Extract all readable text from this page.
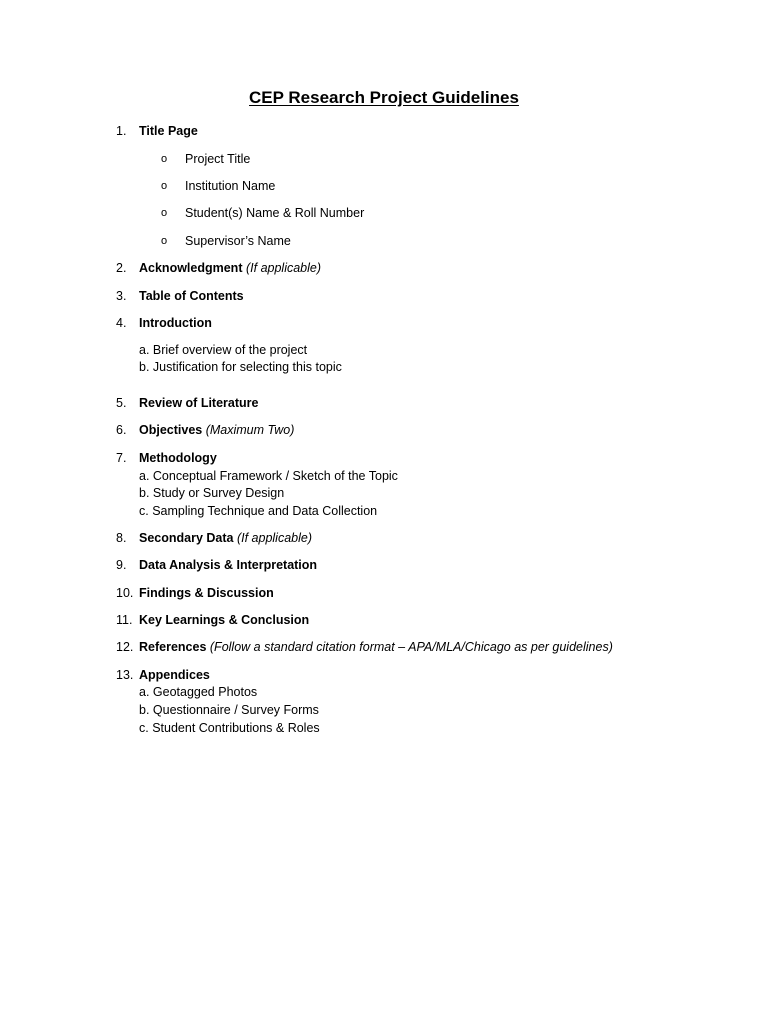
CEP Research Project Guidelines
1.	Title Page
o Project Title
o Institution Name
o Student(s) Name & Roll Number
o Supervisor’s Name
2.	Acknowledgment (If applicable)
3.	Table of Contents
4.	Introduction
a. Brief overview of the project
b. Justification for selecting this topic
5.	Review of Literature
6.	Objectives (Maximum Two)
7.	Methodology
a. Conceptual Framework / Sketch of the Topic
b. Study or Survey Design
c. Sampling Technique and Data Collection
8.	Secondary Data (If applicable)
9.	Data Analysis & Interpretation
10. Findings & Discussion
11. Key Learnings & Conclusion
12. References (Follow a standard citation format – APA/MLA/Chicago as per guidelines)
13. Appendices
a. Geotagged Photos
b. Questionnaire / Survey Forms
c. Student Contributions & Roles
